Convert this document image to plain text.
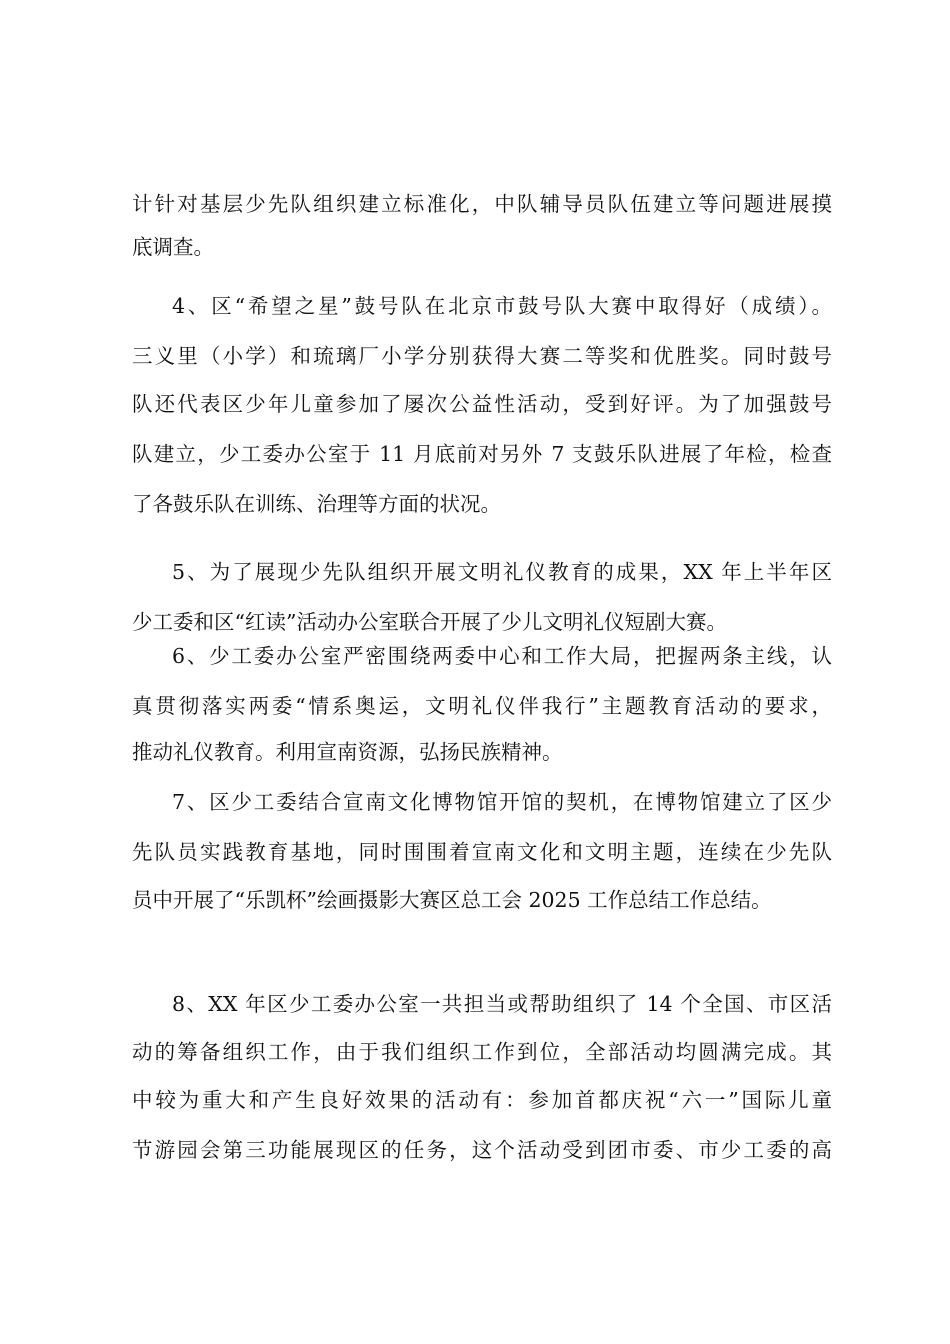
计针对基层少先队组织建立标准化，中队辅导员队伍建立等问题进展摸
底调查。
4、区“希望之星”鼓号队在北京市鼓号队大赛中取得好（成绩）。
三义里（小学）和琉璃厂小学分别获得大赛二等奖和优胜奖。同时鼓号
队还代表区少年儿童参加了屡次公益性活动，受到好评。为了加强鼓号
队建立，少工委办公室于 11 月底前对另外 7 支鼓乐队进展了年检，检查
了各鼓乐队在训练、治理等方面的状况。
5、为了展现少先队组织开展文明礼仪教育的成果，XX 年上半年区
少工委和区“红读”活动办公室联合开展了少儿文明礼仪短剧大赛。
6、少工委办公室严密围绕两委中心和工作大局，把握两条主线，认
真贯彻落实两委“情系奥运，文明礼仪伴我行”主题教育活动的要求，
推动礼仪教育。利用宣南资源，弘扬民族精神。
7、区少工委结合宣南文化博物馆开馆的契机，在博物馆建立了区少
先队员实践教育基地，同时围围着宣南文化和文明主题，连续在少先队
员中开展了“乐凯杯”绘画摄影大赛区总工会 2025 工作总结工作总结。
8、XX 年区少工委办公室一共担当或帮助组织了 14 个全国、市区活
动的筹备组织工作，由于我们组织工作到位，全部活动均圆满完成。其
中较为重大和产生良好效果的活动有：参加首都庆祝“六一”国际儿童
节游园会第三功能展现区的任务，这个活动受到团市委、市少工委的高
